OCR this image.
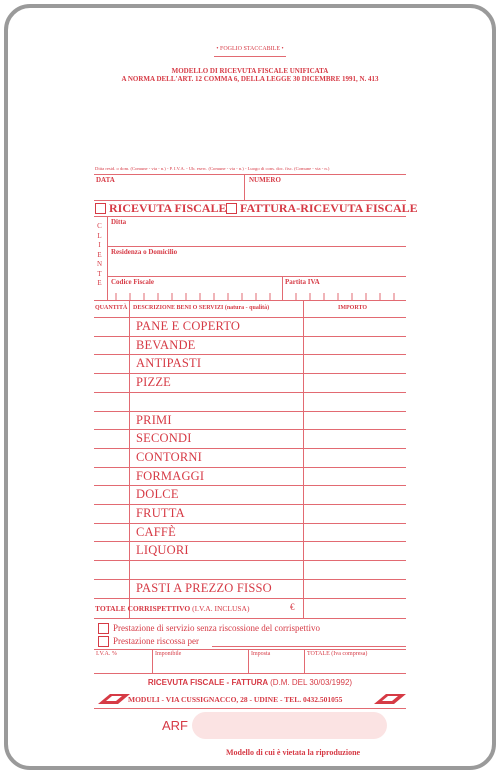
• FOGLIO STACCABILE •
MODELLO DI RICEVUTA FISCALE UNIFICATA
A NORMA DELL'ART. 12 COMMA 6, DELLA LEGGE 30 DICEMBRE 1991, N. 413
Ditta resid. o dom. (Comune - via - n.) - P. I.V.A. - Ub. eserc. (Comune - via - n.) - Luogo di cons. doc. fisc. (Comune - via - n.)
DATA	NUMERO
RICEVUTA FISCALE FATTURA-RICEVUTA FISCALE
CLIENTE
Ditta
Residenza o Domicilio
Codice Fiscale	Partita IVA
QUANTITÀ DESCRIZIONE BENI O SERVIZI (natura - qualità)	IMPORTO
PANE E COPERTO
BEVANDE
ANTIPASTI
PIZZE
PRIMI
SECONDI
CONTORNI
FORMAGGI
DOLCE
FRUTTA
CAFFÈ
LIQUORI
PASTI A PREZZO FISSO
TOTALE CORRISPETTIVO (I.V.A. INCLUSA)	€
Prestazione di servizio senza riscossione del corrispettivo
Prestazione riscossa per
I.V.A. %	Imponibile	Imposta	TOTALE (Iva compresa)
RICEVUTA FISCALE - FATTURA (D.M. DEL 30/03/1992)
MODULI - VIA CUSSIGNACCO, 28 - UDINE - TEL. 0432.501055
ARF
Modello di cui è vietata la riproduzione
